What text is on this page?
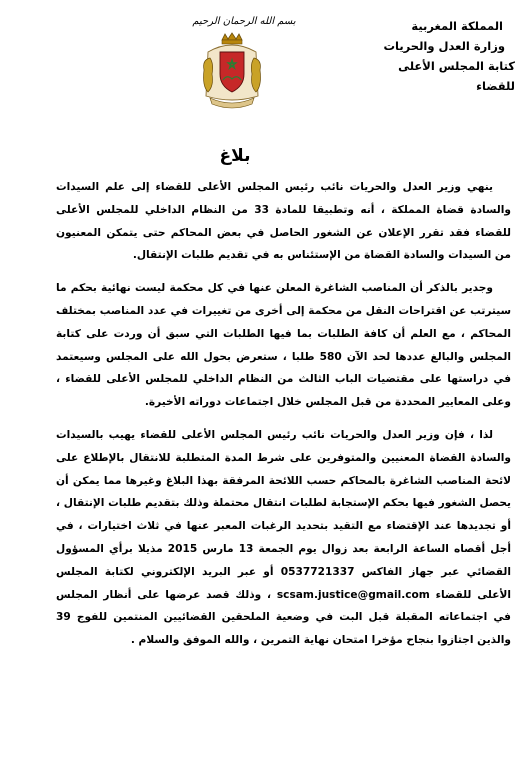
بسم الله الرحمان الرحيم	المملكة المغربية
وزارة العدل والحريات
كتابة المجلس الأعلى للقضاء
بلاغ

ينهي وزير العدل والحريات نائب رئيس المجلس الأعلى للقضاء إلى علم السيدات والسادة قضاة المملكة ، أنه وتطبيقا للمادة 33 من النظام الداخلي للمجلس الأعلى للقضاء فقد تقرر الإعلان عن الشغور الحاصل في بعض المحاكم حتى يتمكن المعنيون من السيدات والسادة القضاة من الإستئناس به في تقديم طلبات الإنتقال.

وجدير بالذكر أن المناصب الشاغرة المعلن عنها في كل محكمة ليست نهائية بحكم ما سيترتب عن اقتراحات النقل من محكمة إلى أخرى من تغييرات في عدد المناصب بمختلف المحاكم ، مع العلم أن كافة الطلبات بما فيها الطلبات التي سبق أن وردت على كتابة المجلس والبالغ عددها لحد الآن 580 طلبا ، ستعرض بحول الله على المجلس وسيعتمد في دراستها على مقتضيات الباب الثالث من النظام الداخلي للمجلس الأعلى للقضاء ، وعلى المعايير المحددة من قبل المجلس خلال اجتماعات دوراته الأخيرة.

لذا ، فإن وزير العدل والحريات نائب رئيس المجلس الأعلى للقضاء يهيب بالسيدات والسادة القضاة المعنيين والمتوفرين على شرط المدة المتطلبة للانتقال بالإطلاع على لائحة المناصب الشاغرة بالمحاكم حسب اللائحة المرفقة بهذا البلاغ وغيرها مما يمكن أن يحصل الشغور فيها بحكم الإستجابة لطلبات انتقال محتملة وذلك بتقديم طلبات الإنتقال ، أو تجديدها عند الإقتضاء مع التقيد بتحديد الرغبات المعبر عنها في ثلاث اختيارات ، في أجل أقصاه الساعة الرابعة بعد زوال يوم الجمعة 13 مارس 2015 مذيلا برأي المسؤول القضائي عبر جهاز الفاكس 0537721337 أو عبر البريد الإلكتروني لكتابة المجلس الأعلى للقضاء scsam.justice@gmail.com ، وذلك قصد عرضها على أنظار المجلس في اجتماعاته المقبلة قبل البت في وضعية الملحقين القضائيين المنتمين للفوج 39 والذين اجتازوا بنجاح مؤخرا امتحان نهاية التمرين ، والله الموفق والسلام .
